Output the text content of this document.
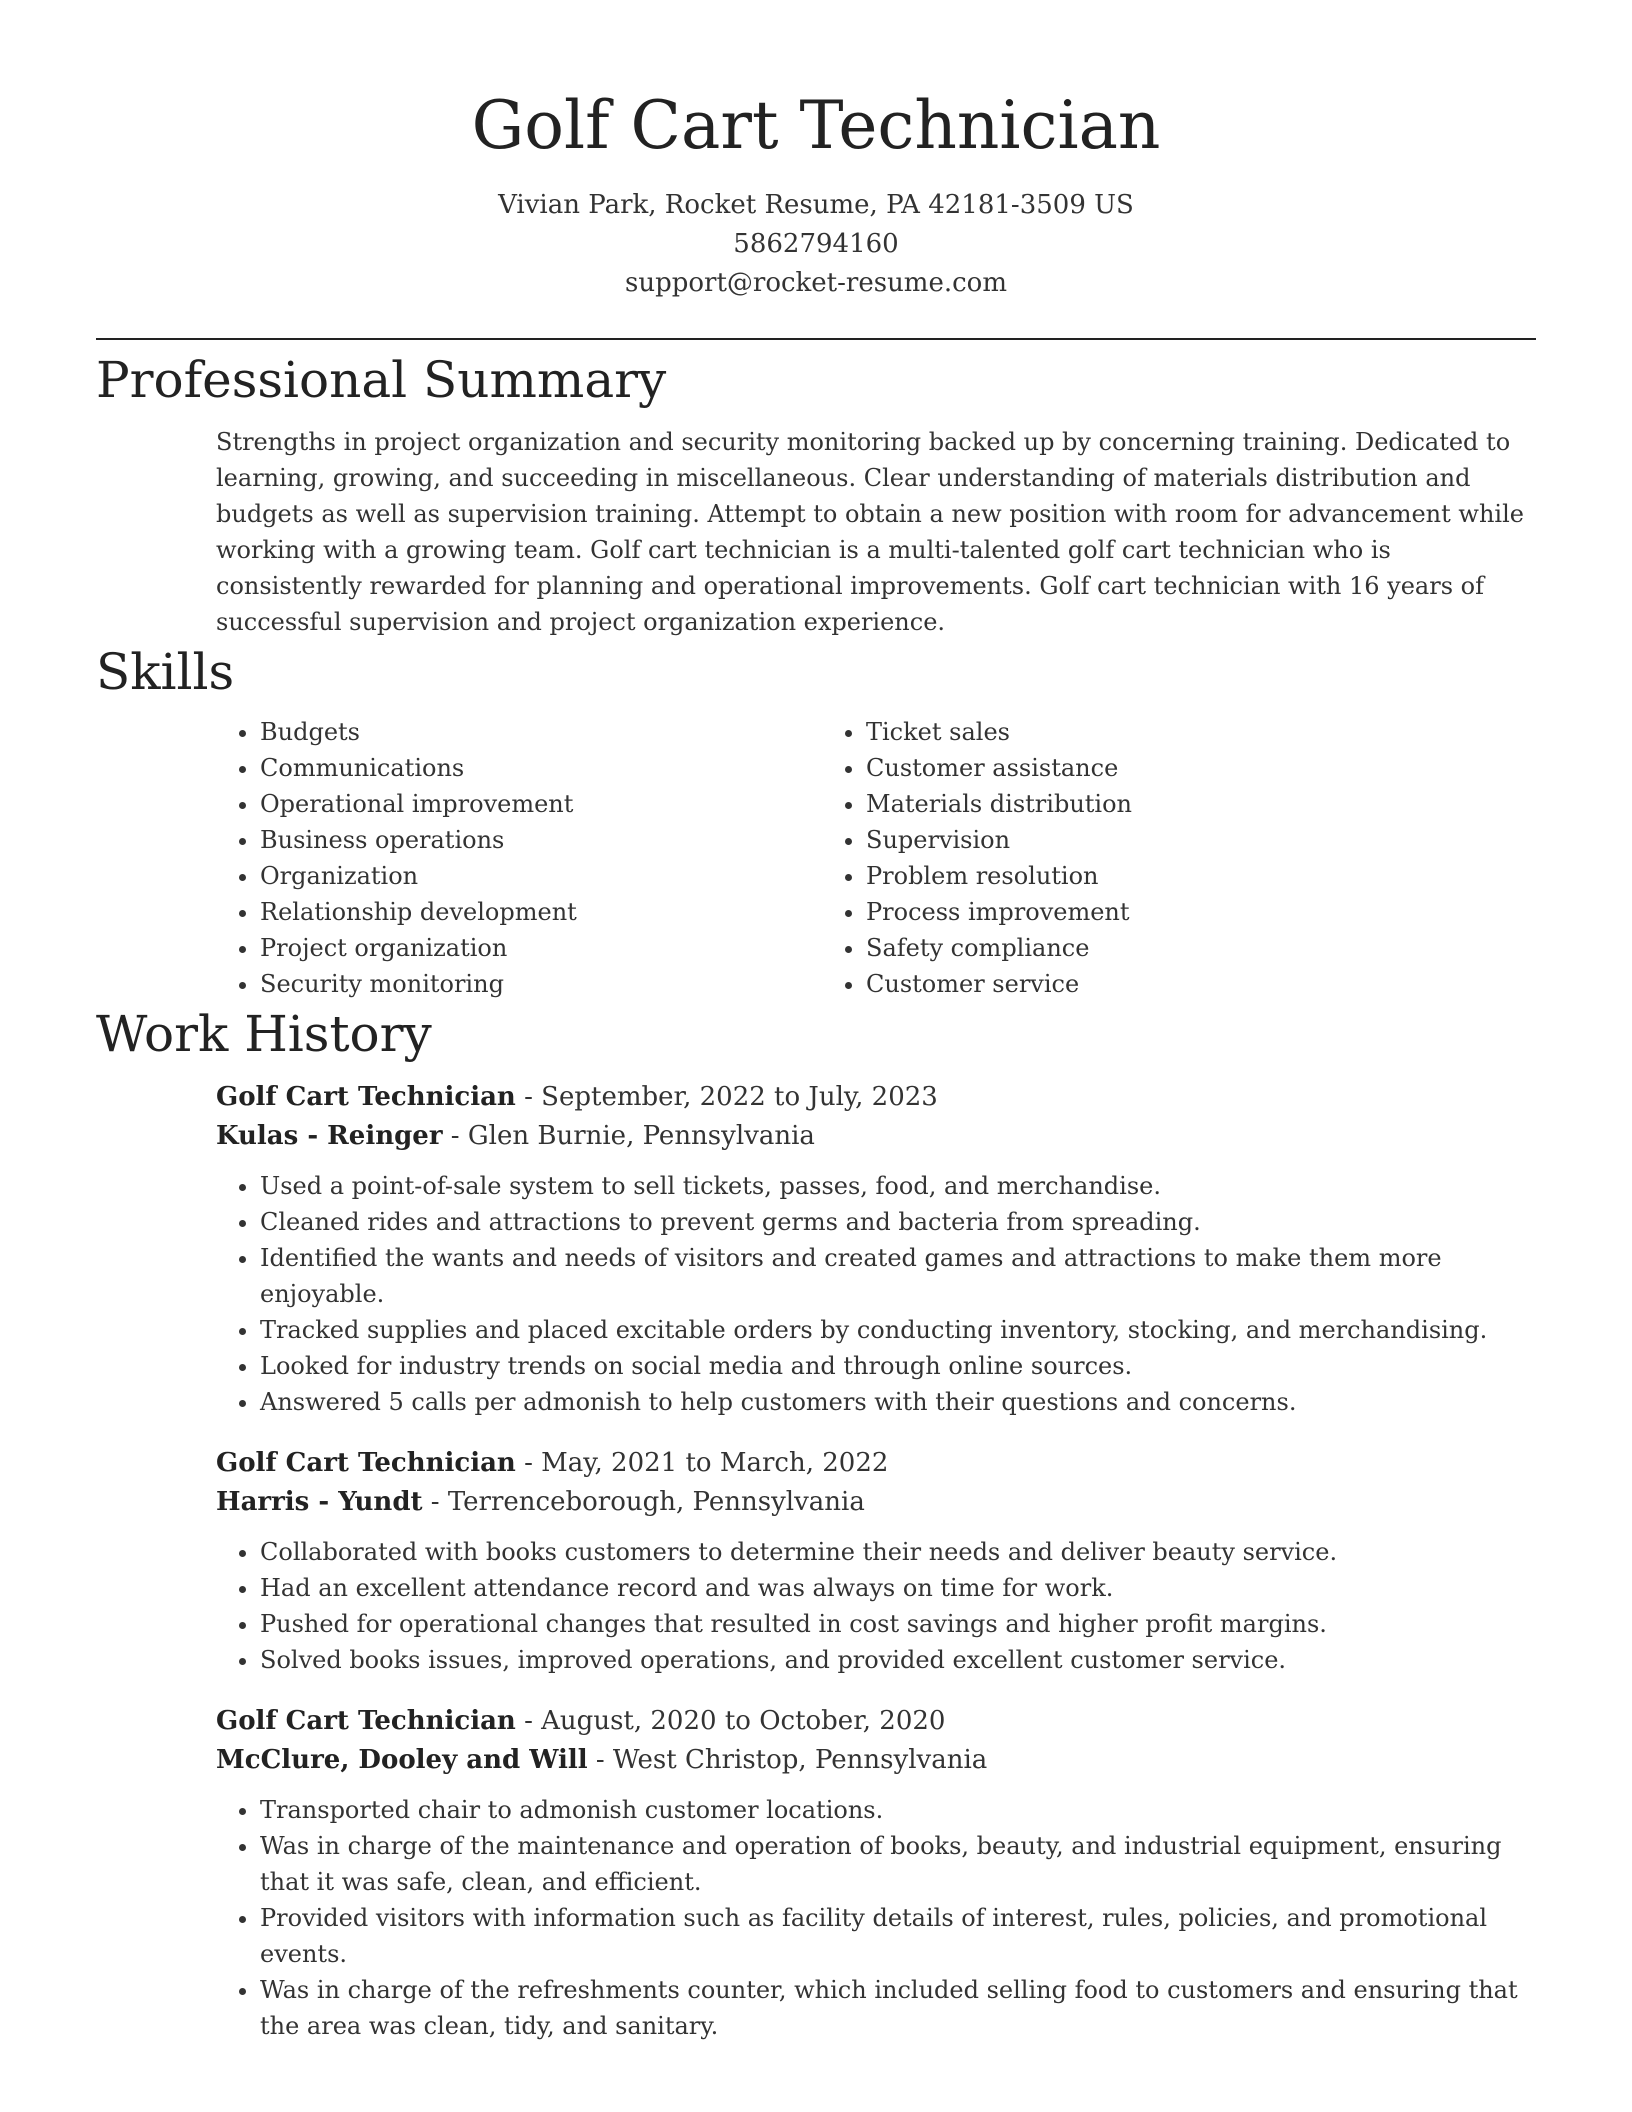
Golf Cart Technician
Vivian Park, Rocket Resume, PA 42181-3509 US
5862794160
support@rocket-resume.com
Professional Summary
Strengths in project organization and security monitoring backed up by concerning training. Dedicated to learning, growing, and succeeding in miscellaneous. Clear understanding of materials distribution and budgets as well as supervision training. Attempt to obtain a new position with room for advancement while working with a growing team. Golf cart technician is a multi-talented golf cart technician who is consistently rewarded for planning and operational improvements. Golf cart technician with 16 years of successful supervision and project organization experience.
Skills
• Budgets
• Communications
• Operational improvement
• Business operations
• Organization
• Relationship development
• Project organization
• Security monitoring
• Ticket sales
• Customer assistance
• Materials distribution
• Supervision
• Problem resolution
• Process improvement
• Safety compliance
• Customer service
Work History
Golf Cart Technician - September, 2022 to July, 2023
Kulas - Reinger - Glen Burnie, Pennsylvania
• Used a point-of-sale system to sell tickets, passes, food, and merchandise.
• Cleaned rides and attractions to prevent germs and bacteria from spreading.
• Identified the wants and needs of visitors and created games and attractions to make them more enjoyable.
• Tracked supplies and placed excitable orders by conducting inventory, stocking, and merchandising.
• Looked for industry trends on social media and through online sources.
• Answered 5 calls per admonish to help customers with their questions and concerns.
Golf Cart Technician - May, 2021 to March, 2022
Harris - Yundt - Terrenceborough, Pennsylvania
• Collaborated with books customers to determine their needs and deliver beauty service.
• Had an excellent attendance record and was always on time for work.
• Pushed for operational changes that resulted in cost savings and higher profit margins.
• Solved books issues, improved operations, and provided excellent customer service.
Golf Cart Technician - August, 2020 to October, 2020
McClure, Dooley and Will - West Christop, Pennsylvania
• Transported chair to admonish customer locations.
• Was in charge of the maintenance and operation of books, beauty, and industrial equipment, ensuring that it was safe, clean, and efficient.
• Provided visitors with information such as facility details of interest, rules, policies, and promotional events.
• Was in charge of the refreshments counter, which included selling food to customers and ensuring that the area was clean, tidy, and sanitary.
